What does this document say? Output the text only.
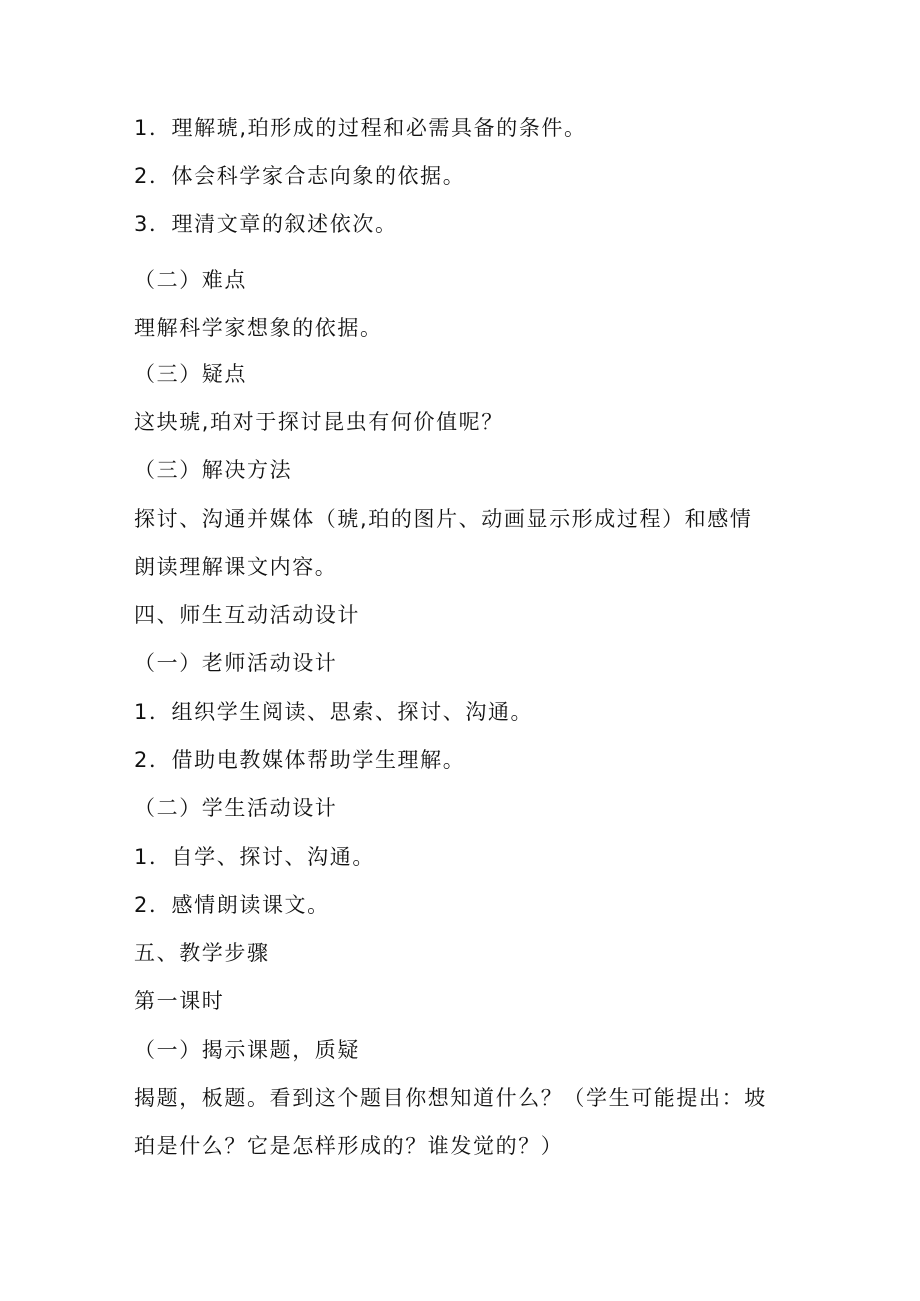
1．理解琥,珀形成的过程和必需具备的条件。
2．体会科学家合志向象的依据。
3．理清文章的叙述依次。
（二）难点
理解科学家想象的依据。
（三）疑点
这块琥,珀对于探讨昆虫有何价值呢？
（三）解决方法
探讨、沟通并媒体（琥,珀的图片、动画显示形成过程）和感情
朗读理解课文内容。
四、师生互动活动设计
（一）老师活动设计
1．组织学生阅读、思索、探讨、沟通。
2．借助电教媒体帮助学生理解。
（二）学生活动设计
1．自学、探讨、沟通。
2．感情朗读课文。
五、教学步骤
第一课时
（一）揭示课题，质疑
揭题，板题。看到这个题目你想知道什么？（学生可能提出：坡
珀是什么？它是怎样形成的？谁发觉的？）
